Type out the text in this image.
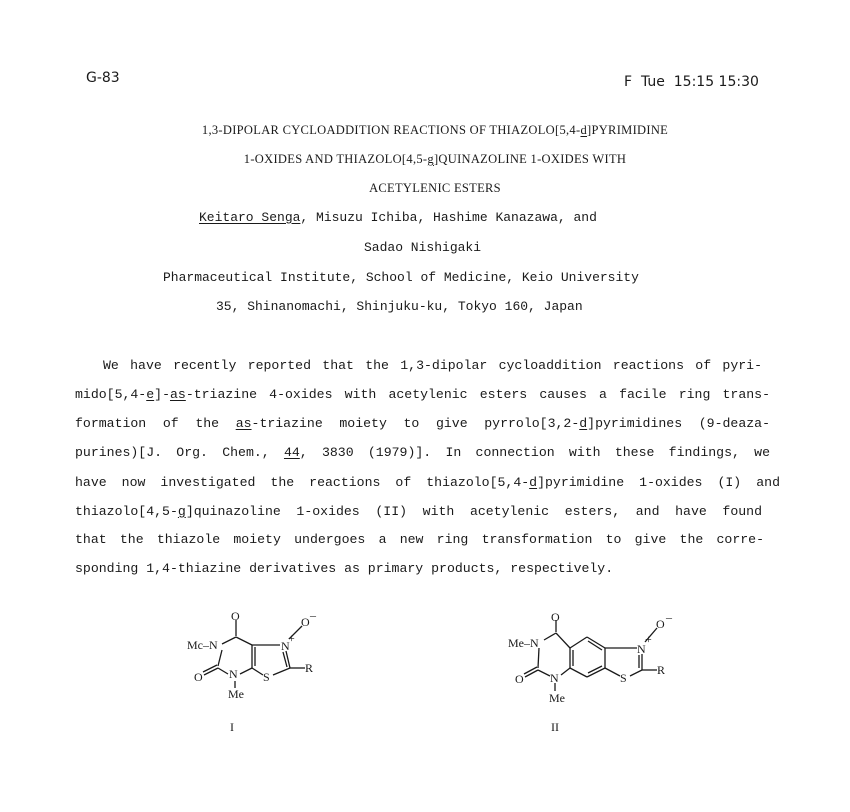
G-83	F  Tue  15:15 15:30
1,3-DIPOLAR CYCLOADDITION REACTIONS OF THIAZOLO[5,4-d]PYRIMIDINE
1-OXIDES AND THIAZOLO[4,5-g]QUINAZOLINE 1-OXIDES WITH
ACETYLENIC ESTERS
Keitaro Senga, Misuzu Ichiba, Hashime Kanazawa, and
Sadao Nishigaki
Pharmaceutical Institute, School of Medicine, Keio University
35, Shinanomachi, Shinjuku-ku, Tokyo 160, Japan
We have recently reported that the 1,3-dipolar cycloaddition reactions of pyri-
mido[5,4-e]-as-triazine 4-oxides with acetylenic esters causes a facile ring trans-
formation of the as-triazine moiety to give pyrrolo[3,2-d]pyrimidines (9-deaza-
purines)[J. Org. Chem., 44, 3830 (1979)]. In connection with these findings, we
have now investigated the reactions of thiazolo[5,4-d]pyrimidine 1-oxides (I) and
thiazolo[4,5-g]quinazoline 1-oxides (II) with acetylenic esters, and have found
that the thiazole moiety undergoes a new ring transformation to give the corre-
sponding 1,4-thiazine derivatives as primary products, respectively.
O
Mc–N
O N
Me
S
N
+
O –
R
I
O
Me–N
O N
Me
S
N
+
O –
R
II
